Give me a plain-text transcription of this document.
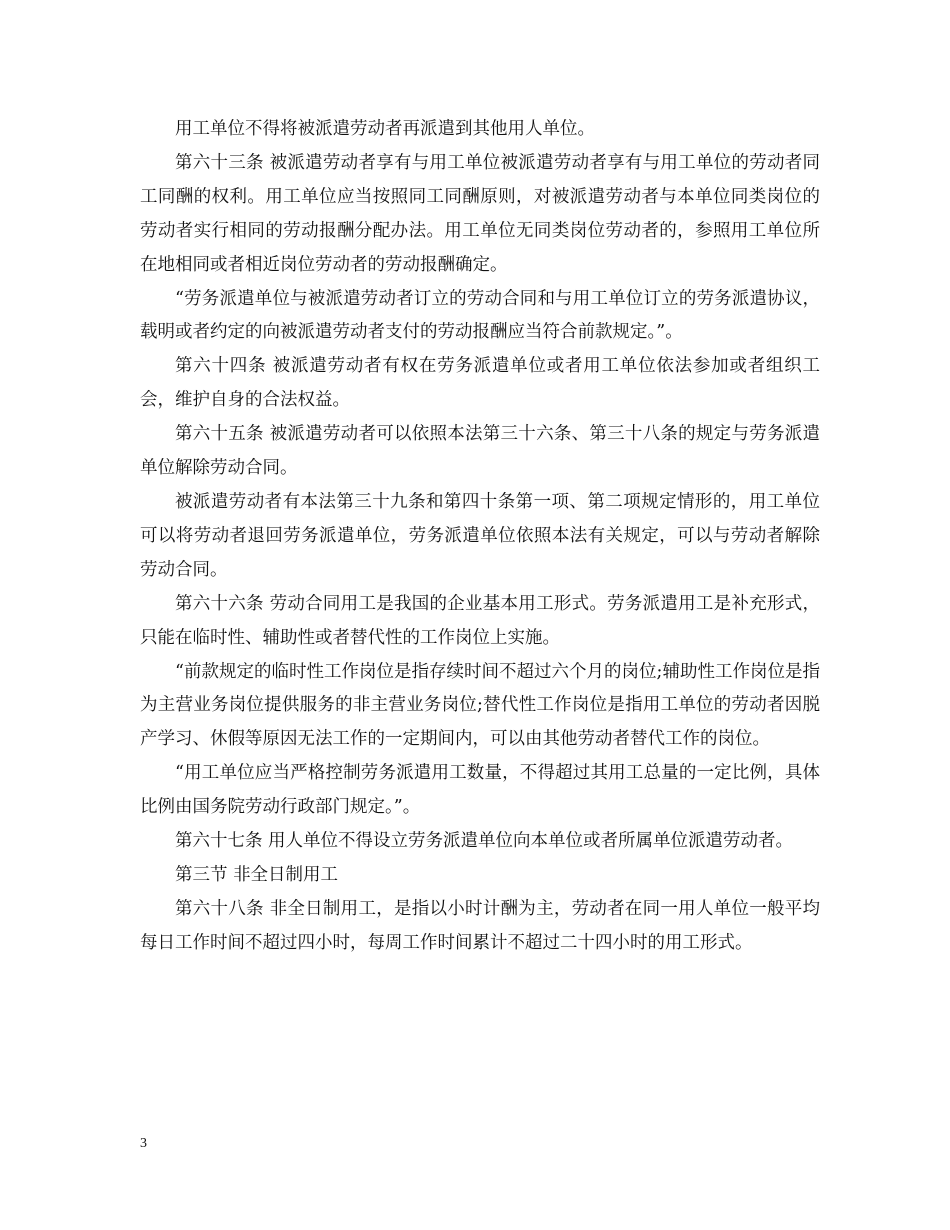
用工单位不得将被派遣劳动者再派遣到其他用人单位。

第六十三条 被派遣劳动者享有与用工单位被派遣劳动者享有与用工单位的劳动者同工同酬的权利。用工单位应当按照同工同酬原则，对被派遣劳动者与本单位同类岗位的劳动者实行相同的劳动报酬分配办法。用工单位无同类岗位劳动者的，参照用工单位所在地相同或者相近岗位劳动者的劳动报酬确定。

“劳务派遣单位与被派遣劳动者订立的劳动合同和与用工单位订立的劳务派遣协议，载明或者约定的向被派遣劳动者支付的劳动报酬应当符合前款规定。”。

第六十四条 被派遣劳动者有权在劳务派遣单位或者用工单位依法参加或者组织工会，维护自身的合法权益。

第六十五条 被派遣劳动者可以依照本法第三十六条、第三十八条的规定与劳务派遣单位解除劳动合同。

被派遣劳动者有本法第三十九条和第四十条第一项、第二项规定情形的，用工单位可以将劳动者退回劳务派遣单位，劳务派遣单位依照本法有关规定，可以与劳动者解除劳动合同。

第六十六条 劳动合同用工是我国的企业基本用工形式。劳务派遣用工是补充形式，只能在临时性、辅助性或者替代性的工作岗位上实施。

“前款规定的临时性工作岗位是指存续时间不超过六个月的岗位;辅助性工作岗位是指为主营业务岗位提供服务的非主营业务岗位;替代性工作岗位是指用工单位的劳动者因脱产学习、休假等原因无法工作的一定期间内，可以由其他劳动者替代工作的岗位。

“用工单位应当严格控制劳务派遣用工数量，不得超过其用工总量的一定比例，具体比例由国务院劳动行政部门规定。”。

第六十七条 用人单位不得设立劳务派遣单位向本单位或者所属单位派遣劳动者。

第三节 非全日制用工

第六十八条 非全日制用工，是指以小时计酬为主，劳动者在同一用人单位一般平均每日工作时间不超过四小时，每周工作时间累计不超过二十四小时的用工形式。

3
